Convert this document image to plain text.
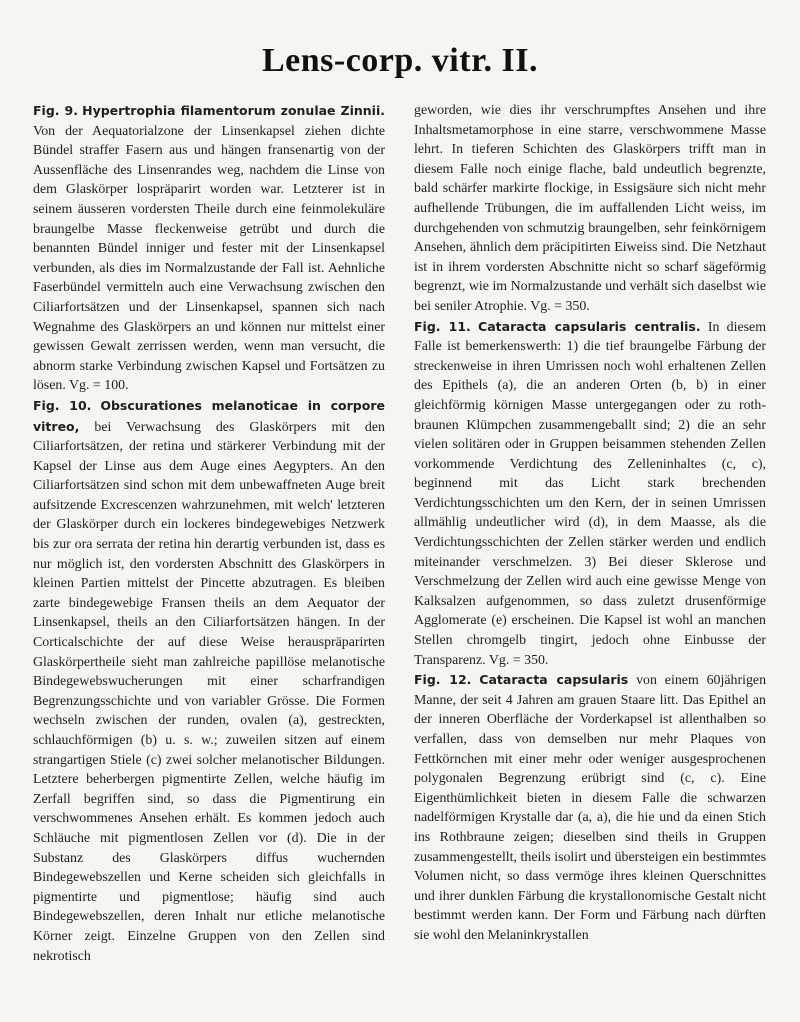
Lens-corp. vitr. II.

Fig. 9. Hypertrophia filamentorum zonulae Zinnii. Von der Aequatorialzone der Linsenkapsel ziehen dichte Bündel straffer Fasern aus und hängen fransenartig von der Aussenfläche des Linsenrandes weg, nachdem die Linse von dem Glaskörper lospräparirt worden war. Letzterer ist in seinem äusseren vordersten Theile durch eine feinmolekuläre braungelbe Masse fleckenweise getrübt und durch die benannten Bündel inniger und fester mit der Linsenkapsel verbunden, als dies im Normalzustande der Fall ist. Aehnliche Faserbündel vermitteln auch eine Verwachsung zwischen den Ciliarfortsätzen und der Linsenkapsel, spannen sich nach Wegnahme des Glaskörpers an und können nur mittelst einer gewissen Gewalt zerrissen werden, wenn man versucht, die abnorm starke Verbindung zwischen Kapsel und Fortsätzen zu lösen. Vg. = 100.

Fig. 10. Obscurationes melanoticae in corpore vitreo, bei Verwachsung des Glaskörpers mit den Ciliarfortsätzen, der retina und stärkerer Verbindung mit der Kapsel der Linse aus dem Auge eines Aegypters. An den Ciliarfortsätzen sind schon mit dem unbewaffneten Auge breit aufsitzende Excrescenzen wahrzunehmen, mit welch' letzteren der Glaskörper durch ein lockeres bindegewebiges Netzwerk bis zur ora serrata der retina hin derartig verbunden ist, dass es nur möglich ist, den vordersten Abschnitt des Glaskörpers in kleinen Partien mittelst der Pincette abzutragen. Es bleiben zarte bindegewebige Fransen theils an dem Aequator der Linsenkapsel, theils an den Ciliarfortsätzen hängen. In der Corticalschichte der auf diese Weise herauspräparirten Glaskörpertheile sieht man zahlreiche papillöse melanotische Bindegewebswucherungen mit einer scharfrandigen Begrenzungsschichte und von variabler Grösse. Die Formen wechseln zwischen der runden, ovalen (a), gestreckten, schlauchförmigen (b) u. s. w.; zuweilen sitzen auf einem strangartigen Stiele (c) zwei solcher melanotischer Bildungen. Letztere beherbergen pigmentirte Zellen, welche häufig im Zerfall begriffen sind, so dass die Pigmentirung ein verschwommenes Ansehen erhält. Es kommen jedoch auch Schläuche mit pigmentlosen Zellen vor (d). Die in der Substanz des Glaskörpers diffus wuchernden Bindegewebszellen und Kerne scheiden sich gleichfalls in pigmentirte und pigmentlose; häufig sind auch Bindegewebszellen, deren Inhalt nur etliche melanotische Körner zeigt. Einzelne Gruppen von den Zellen sind nekrotisch

geworden, wie dies ihr verschrumpftes Ansehen und ihre Inhaltsmetamorphose in eine starre, verschwommene Masse lehrt. In tieferen Schichten des Glaskörpers trifft man in diesem Falle noch einige flache, bald undeutlich begrenzte, bald schärfer markirte flockige, in Essigsäure sich nicht mehr aufhellende Trübungen, die im auffallenden Licht weiss, im durchgehenden von schmutzig braungelben, sehr feinkörnigem Ansehen, ähnlich dem präcipitirten Eiweiss sind. Die Netzhaut ist in ihrem vordersten Abschnitte nicht so scharf sägeförmig begrenzt, wie im Normalzustande und verhält sich daselbst wie bei seniler Atrophie. Vg. = 350.

Fig. 11. Cataracta capsularis centralis. In diesem Falle ist bemerkenswerth: 1) die tief braungelbe Färbung der streckenweise in ihren Umrissen noch wohl erhaltenen Zellen des Epithels (a), die an anderen Orten (b, b) in einer gleichförmig körnigen Masse untergegangen oder zu roth-braunen Klümpchen zusammengeballt sind; 2) die an sehr vielen solitären oder in Gruppen beisammen stehenden Zellen vorkommende Verdichtung des Zelleninhaltes (c, c), beginnend mit das Licht stark brechenden Verdichtungsschichten um den Kern, der in seinen Umrissen allmählig undeutlicher wird (d), in dem Maasse, als die Verdichtungsschichten der Zellen stärker werden und endlich miteinander verschmelzen. 3) Bei dieser Sklerose und Verschmelzung der Zellen wird auch eine gewisse Menge von Kalksalzen aufgenommen, so dass zuletzt drusenförmige Agglomerate (e) erscheinen. Die Kapsel ist wohl an manchen Stellen chromgelb tingirt, jedoch ohne Einbusse der Transparenz. Vg. = 350.

Fig. 12. Cataracta capsularis von einem 60jährigen Manne, der seit 4 Jahren am grauen Staare litt. Das Epithel an der inneren Oberfläche der Vorderkapsel ist allenthalben so verfallen, dass von demselben nur mehr Plaques von Fettkörnchen mit einer mehr oder weniger ausgesprochenen polygonalen Begrenzung erübrigt sind (c, c). Eine Eigenthümlichkeit bieten in diesem Falle die schwarzen nadelförmigen Krystalle dar (a, a), die hie und da einen Stich ins Rothbraune zeigen; dieselben sind theils in Gruppen zusammengestellt, theils isolirt und übersteigen ein bestimmtes Volumen nicht, so dass vermöge ihres kleinen Querschnittes und ihrer dunklen Färbung die krystallonomische Gestalt nicht bestimmt werden kann. Der Form und Färbung nach dürften sie wohl den Melaninkrystallen
